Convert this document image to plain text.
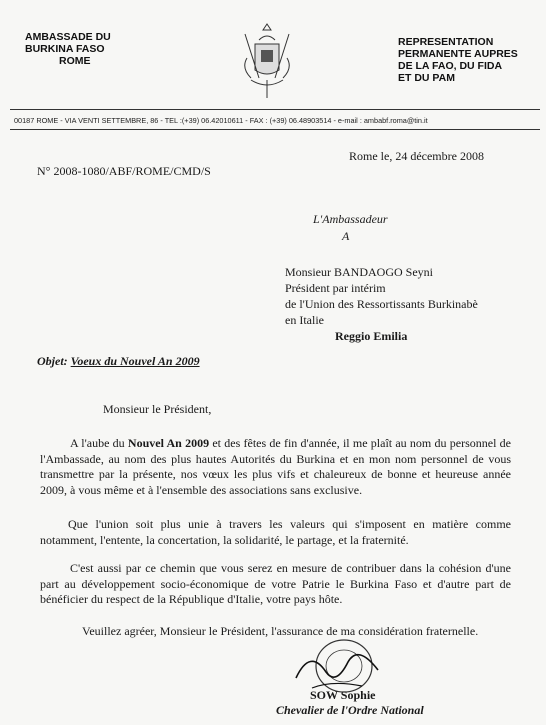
AMBASSADE DU
BURKINA FASO
ROME
REPRESENTATION
PERMANENTE AUPRES
DE LA FAO, DU FIDA
ET DU PAM
00187 ROME - VIA VENTI SETTEMBRE, 86 - TEL :(+39) 06.42010611 - FAX : (+39) 06.48903514 - e-mail : ambabf.roma@tin.it
Rome le, 24 décembre 2008
N° 2008-1080/ABF/ROME/CMD/S
L'Ambassadeur
A
Monsieur BANDAOGO Seyni
Président par intérim
de l'Union des Ressortissants Burkinabè
en Italie
Reggio Emilia
Objet: Voeux du Nouvel An 2009
Monsieur le Président,
A l'aube du Nouvel An 2009 et des fêtes de fin d'année, il me plaît au nom du personnel de l'Ambassade, au nom des plus hautes Autorités du Burkina et en mon nom personnel de vous transmettre par la présente, nos vœux les plus vifs et chaleureux de bonne et heureuse année 2009, à vous même et à l'ensemble des associations sans exclusive.
Que l'union soit plus unie à travers les valeurs qui s'imposent en matière comme notamment, l'entente, la concertation, la solidarité, le partage, et la fraternité.
C'est aussi par ce chemin que vous serez en mesure de contribuer dans la cohésion d'une part au développement socio-économique de votre Patrie le Burkina Faso et d'autre part de bénéficier du respect de la République d'Italie, votre pays hôte.
Veuillez agréer, Monsieur le Président, l'assurance de ma considération fraternelle.
SOW Sophie
Chevalier de l'Ordre National
